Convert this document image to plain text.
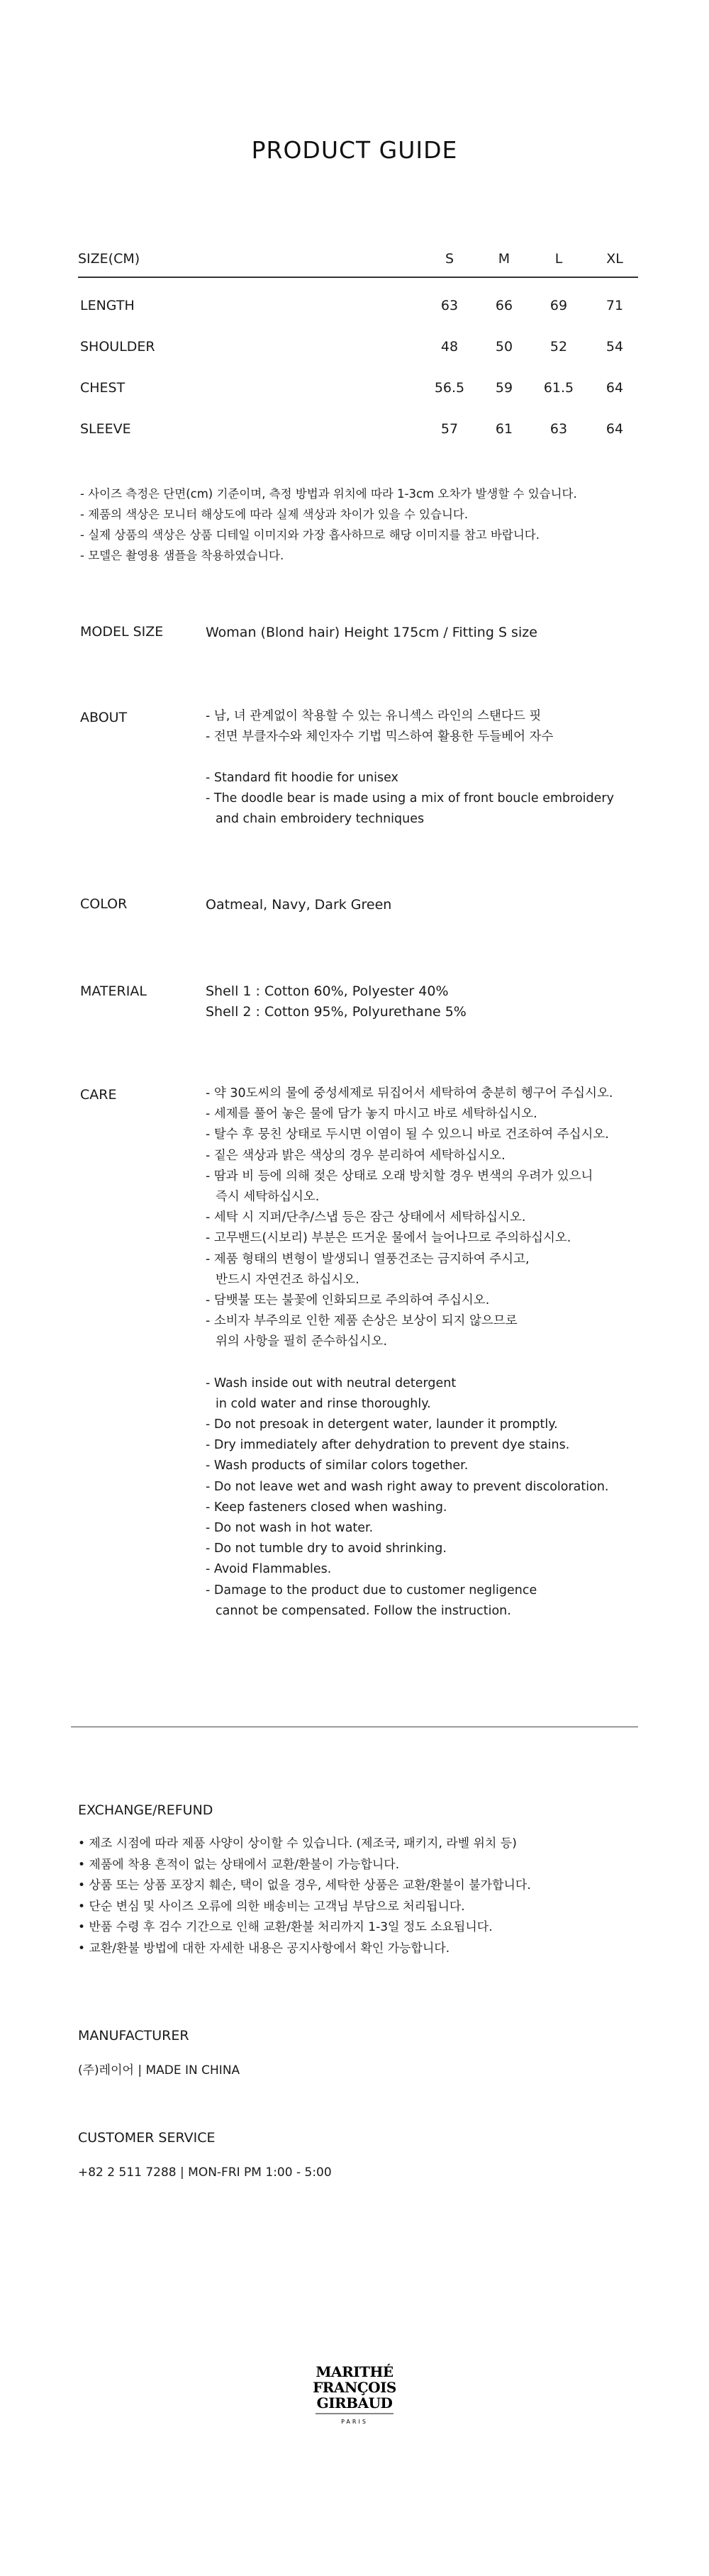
PRODUCT GUIDE
SIZE(CM)	S	M	L	XL
LENGTH	63	66	69	71
SHOULDER	48	50	52	54
CHEST	56.5	59	61.5	64
SLEEVE	57	61	63	64
- 사이즈 측정은 단면(cm) 기준이며, 측정 방법과 위치에 따라 1-3cm 오차가 발생할 수 있습니다.
- 제품의 색상은 모니터 해상도에 따라 실제 색상과 차이가 있을 수 있습니다.
- 실제 상품의 색상은 상품 디테일 이미지와 가장 흡사하므로 해당 이미지를 참고 바랍니다.
- 모델은 촬영용 샘플을 착용하였습니다.
MODEL SIZE	Woman (Blond hair) Height 175cm / Fitting S size
ABOUT	- 남, 녀 관계없이 착용할 수 있는 유니섹스 라인의 스탠다드 핏
- 전면 부클자수와 체인자수 기법 믹스하여 활용한 두들베어 자수
- Standard fit hoodie for unisex
- The doodle bear is made using a mix of front boucle embroidery
and chain embroidery techniques
COLOR	Oatmeal, Navy, Dark Green
MATERIAL	Shell 1 : Cotton 60%, Polyester 40%
Shell 2 : Cotton 95%, Polyurethane 5%
CARE	- 약 30도씨의 물에 중성세제로 뒤집어서 세탁하여 충분히 헹구어 주십시오.
- 세제를 풀어 놓은 물에 담가 놓지 마시고 바로 세탁하십시오.
- 탈수 후 뭉친 상태로 두시면 이염이 될 수 있으니 바로 건조하여 주십시오.
- 짙은 색상과 밝은 색상의 경우 분리하여 세탁하십시오.
- 땀과 비 등에 의해 젖은 상태로 오래 방치할 경우 변색의 우려가 있으니
즉시 세탁하십시오.
- 세탁 시 지퍼/단추/스냅 등은 잠근 상태에서 세탁하십시오.
- 고무밴드(시보리) 부분은 뜨거운 물에서 늘어나므로 주의하십시오.
- 제품 형태의 변형이 발생되니 열풍건조는 금지하여 주시고,
반드시 자연건조 하십시오.
- 담뱃불 또는 불꽃에 인화되므로 주의하여 주십시오.
- 소비자 부주의로 인한 제품 손상은 보상이 되지 않으므로
위의 사항을 필히 준수하십시오.
- Wash inside out with neutral detergent
in cold water and rinse thoroughly.
- Do not presoak in detergent water, launder it promptly.
- Dry immediately after dehydration to prevent dye stains.
- Wash products of similar colors together.
- Do not leave wet and wash right away to prevent discoloration.
- Keep fasteners closed when washing.
- Do not wash in hot water.
- Do not tumble dry to avoid shrinking.
- Avoid Flammables.
- Damage to the product due to customer negligence
cannot be compensated. Follow the instruction.
EXCHANGE/REFUND
• 제조 시점에 따라 제품 사양이 상이할 수 있습니다. (제조국, 패키지, 라벨 위치 등)
• 제품에 착용 흔적이 없는 상태에서 교환/환불이 가능합니다.
• 상품 또는 상품 포장지 훼손, 택이 없을 경우, 세탁한 상품은 교환/환불이 불가합니다.
• 단순 변심 및 사이즈 오류에 의한 배송비는 고객님 부담으로 처리됩니다.
• 반품 수령 후 검수 기간으로 인해 교환/환불 처리까지 1-3일 정도 소요됩니다.
• 교환/환불 방법에 대한 자세한 내용은 공지사항에서 확인 가능합니다.
MANUFACTURER
(주)레이어 | MADE IN CHINA
CUSTOMER SERVICE
+82 2 511 7288 | MON-FRI PM 1:00 - 5:00
MARITHÉ
FRANÇOIS
GIRBAUD
PARIS
